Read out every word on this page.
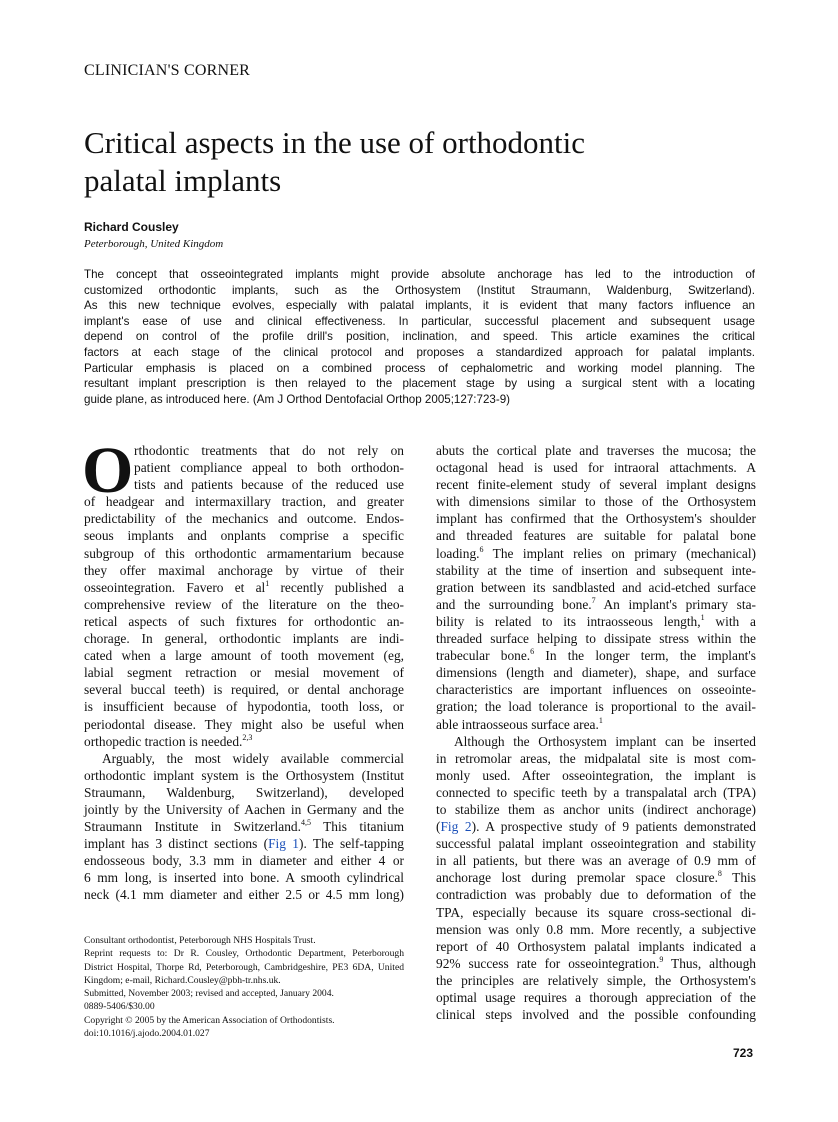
CLINICIAN'S CORNER
Critical aspects in the use of orthodontic
palatal implants
Richard Cousley
Peterborough, United Kingdom
The concept that osseointegrated implants might provide absolute anchorage has led to the introduction of
customized orthodontic implants, such as the Orthosystem (Institut Straumann, Waldenburg, Switzerland).
As this new technique evolves, especially with palatal implants, it is evident that many factors influence an
implant's ease of use and clinical effectiveness. In particular, successful placement and subsequent usage
depend on control of the profile drill's position, inclination, and speed. This article examines the critical
factors at each stage of the clinical protocol and proposes a standardized approach for palatal implants.
Particular emphasis is placed on a combined process of cephalometric and working model planning. The
resultant implant prescription is then relayed to the placement stage by using a surgical stent with a locating
guide plane, as introduced here. (Am J Orthod Dentofacial Orthop 2005;127:723-9)
O rthodontic treatments that do not rely on
patient compliance appeal to both orthodon-
tists and patients because of the reduced use
of headgear and intermaxillary traction, and greater
predictability of the mechanics and outcome. Endos-
seous implants and onplants comprise a specific
subgroup of this orthodontic armamentarium because
they offer maximal anchorage by virtue of their
osseointegration. Favero et $al^1$ recently published a
comprehensive review of the literature on the theo-
retical aspects of such fixtures for orthodontic an-
chorage. In general, orthodontic implants are indi-
cated when a large amount of tooth movement (eg,
labial segment retraction or mesial movement of
several buccal teeth) is required, or dental anchorage
is insufficient because of hypodontia, tooth loss, or
periodontal disease. They might also be useful when
orthopedic traction is needed.$^{2,3}$
Arguably, the most widely available commercial
orthodontic implant system is the Orthosystem (Institut
Straumann, Waldenburg, Switzerland), developed
jointly by the University of Aachen in Germany and the
Straumann Institute in Switzerland.$^{4,5}$ This titanium
implant has 3 distinct sections (Fig 1). The self-tapping
endosseous body, 3.3 mm in diameter and either 4 or
6 mm long, is inserted into bone. A smooth cylindrical
neck (4.1 mm diameter and either 2.5 or 4.5 mm long)
abuts the cortical plate and traverses the mucosa; the
octagonal head is used for intraoral attachments. A
recent finite-element study of several implant designs
with dimensions similar to those of the Orthosystem
implant has confirmed that the Orthosystem's shoulder
and threaded features are suitable for palatal bone
loading.$^6$ The implant relies on primary (mechanical)
stability at the time of insertion and subsequent inte-
gration between its sandblasted and acid-etched surface
and the surrounding bone.$^7$ An implant's primary sta-
bility is related to its intraosseous length,$^1$ with a
threaded surface helping to dissipate stress within the
trabecular bone.$^6$ In the longer term, the implant's
dimensions (length and diameter), shape, and surface
characteristics are important influences on osseointe-
gration; the load tolerance is proportional to the avail-
able intraosseous surface area.$^1$
Although the Orthosystem implant can be inserted
in retromolar areas, the midpalatal site is most com-
monly used. After osseointegration, the implant is
connected to specific teeth by a transpalatal arch (TPA)
to stabilize them as anchor units (indirect anchorage)
(Fig 2). A prospective study of 9 patients demonstrated
successful palatal implant osseointegration and stability
in all patients, but there was an average of 0.9 mm of
anchorage lost during premolar space closure.$^8$ This
contradiction was probably due to deformation of the
TPA, especially because its square cross-sectional di-
mension was only 0.8 mm. More recently, a subjective
report of 40 Orthosystem palatal implants indicated a
92% success rate for osseointegration.$^9$ Thus, although
the principles are relatively simple, the Orthosystem's
optimal usage requires a thorough appreciation of the
clinical steps involved and the possible confounding
Consultant orthodontist, Peterborough NHS Hospitals Trust.
Reprint requests to: Dr R. Cousley, Orthodontic Department, Peterborough
District Hospital, Thorpe Rd, Peterborough, Cambridgeshire, PE3 6DA, United
Kingdom; e-mail, Richard.Cousley@pbh-tr.nhs.uk.
Submitted, November 2003; revised and accepted, January 2004.
0889-5406/$30.00
Copyright © 2005 by the American Association of Orthodontists.
doi:10.1016/j.ajodo.2004.01.027
723
